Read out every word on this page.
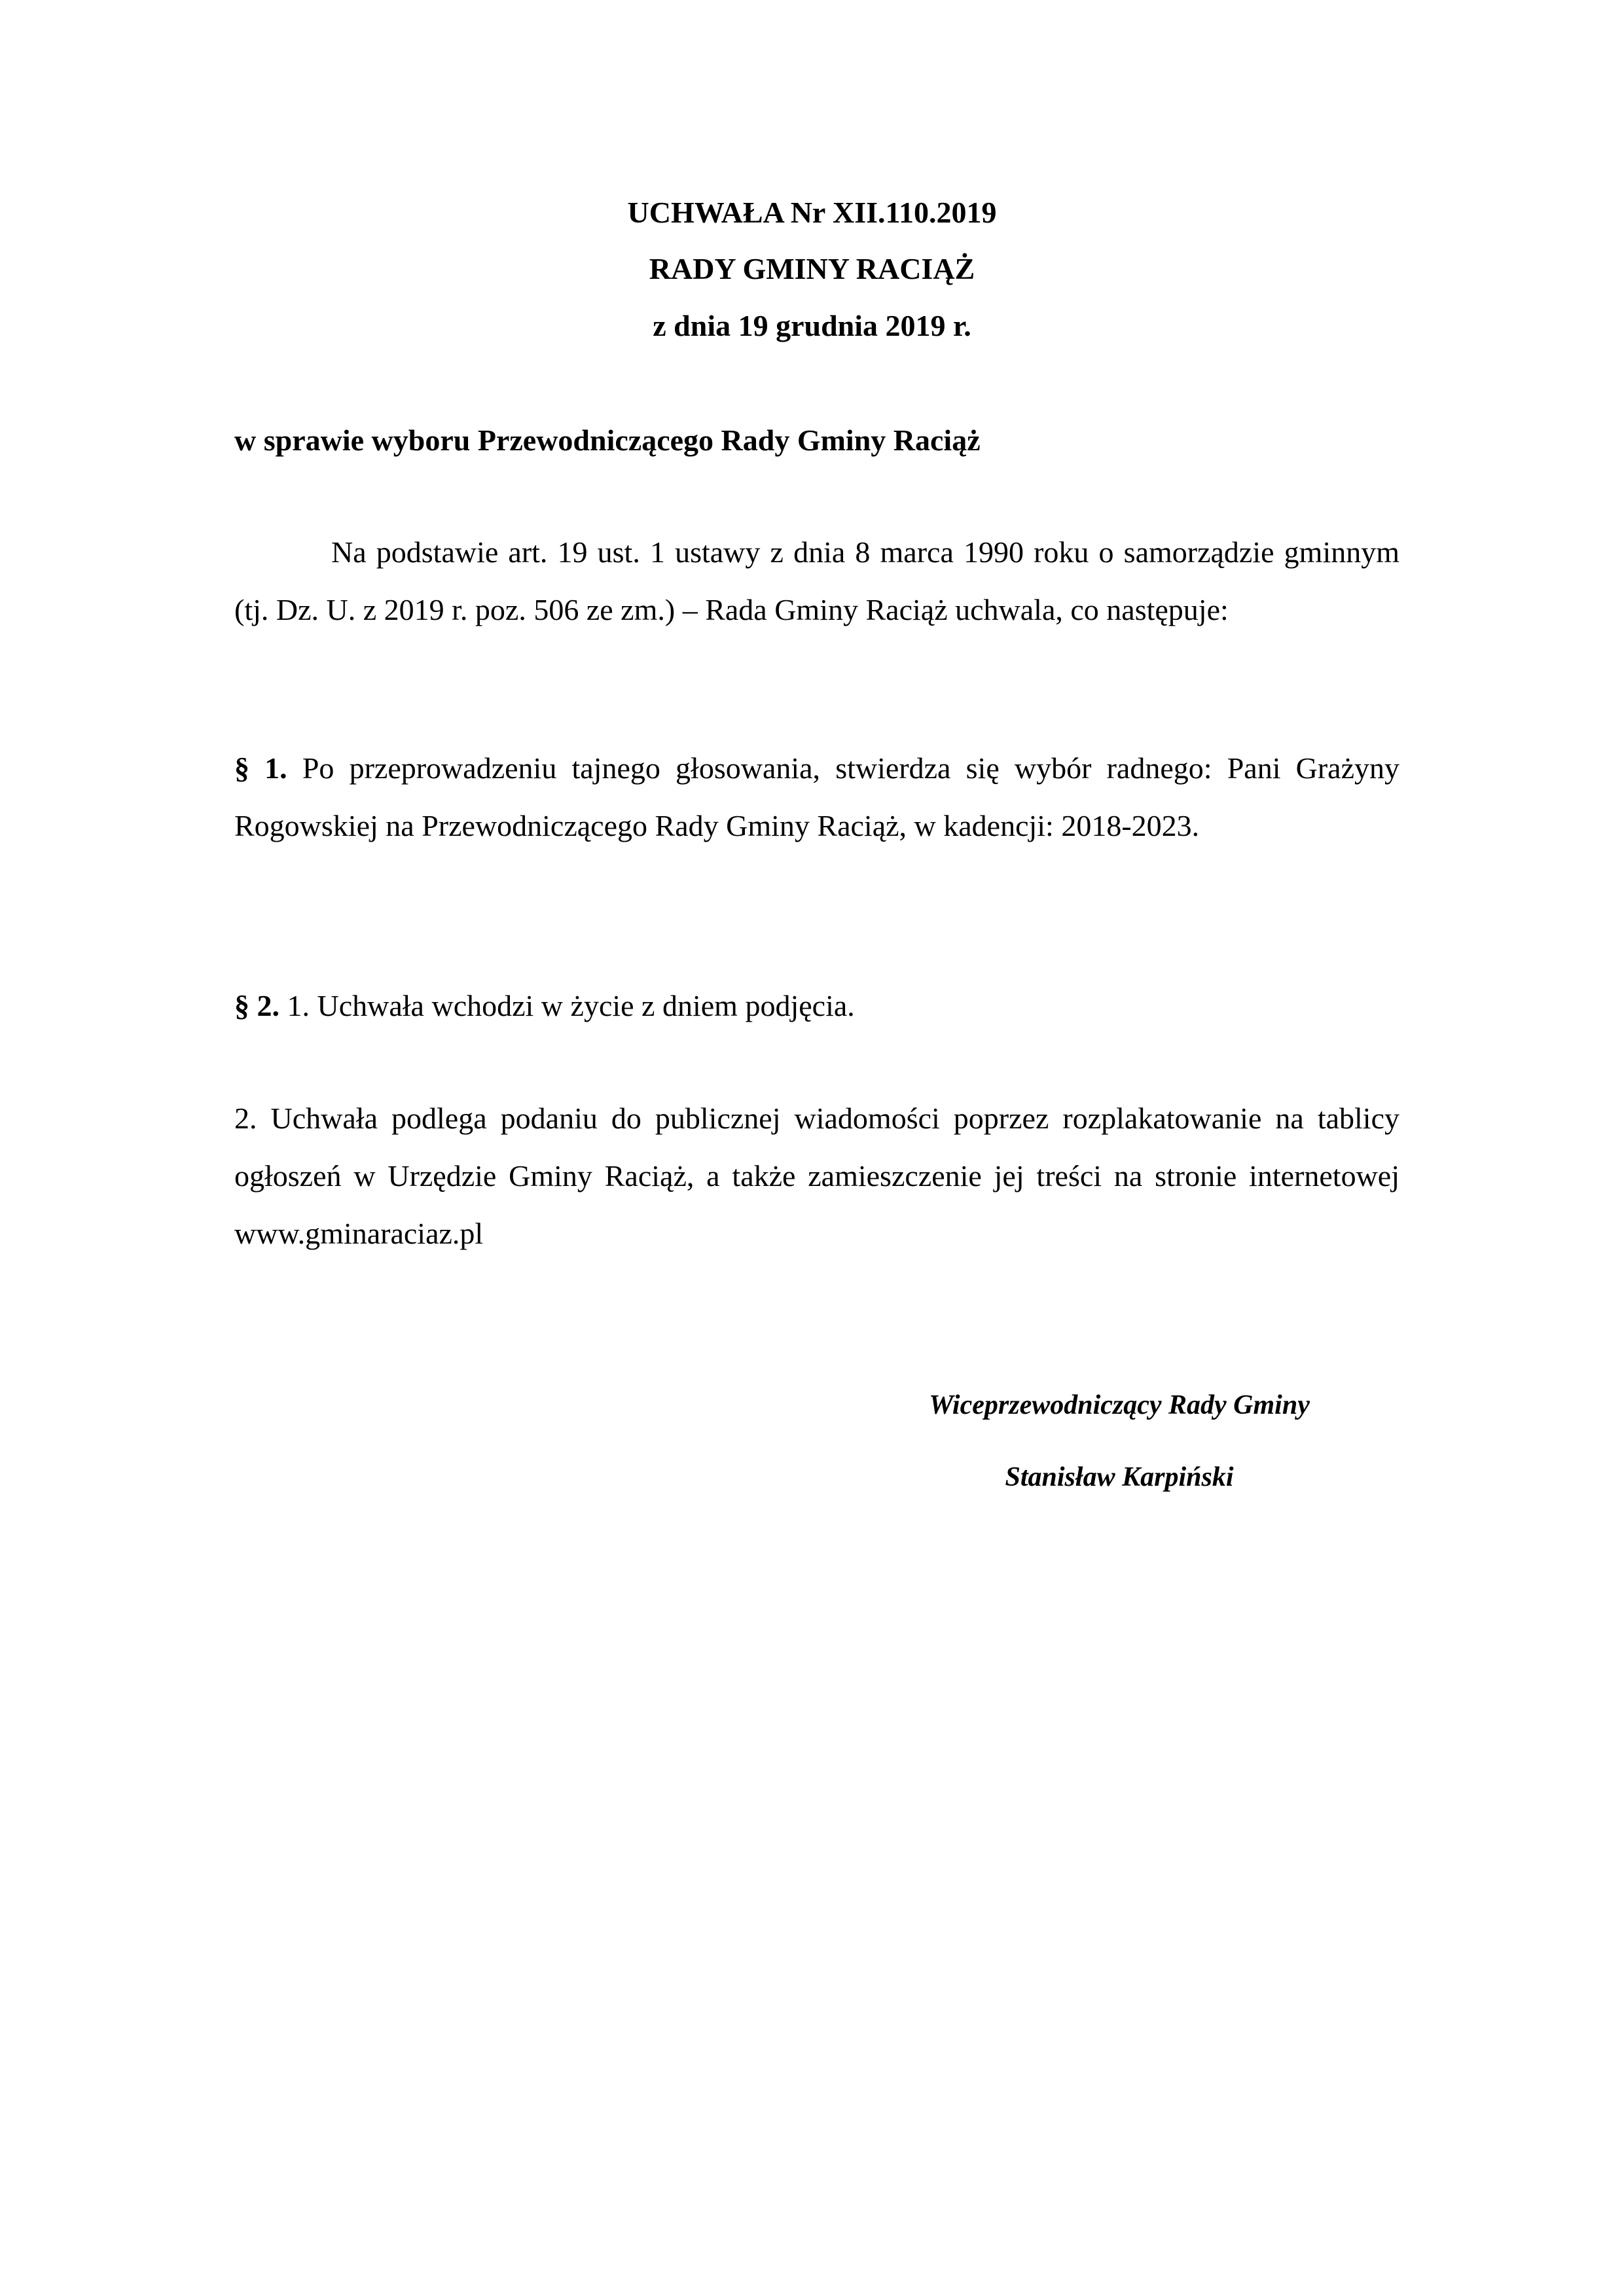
UCHWAŁA Nr XII.110.2019
RADY GMINY RACIĄŻ
z dnia 19 grudnia 2019 r.
w sprawie wyboru Przewodniczącego Rady Gminy Raciąż

Na podstawie art. 19 ust. 1 ustawy z dnia 8 marca 1990 roku o samorządzie gminnym (tj. Dz. U. z 2019 r. poz. 506 ze zm.) – Rada Gminy Raciąż uchwala, co następuje:

§ 1. Po przeprowadzeniu tajnego głosowania, stwierdza się wybór radnego: Pani Grażyny Rogowskiej na Przewodniczącego Rady Gminy Raciąż, w kadencji: 2018-2023.

§ 2. 1. Uchwała wchodzi w życie z dniem podjęcia.

2. Uchwała podlega podaniu do publicznej wiadomości poprzez rozplakatowanie na tablicy ogłoszeń w Urzędzie Gminy Raciąż, a także zamieszczenie jej treści na stronie internetowej www.gminaraciaz.pl

Wiceprzewodniczący Rady Gminy
Stanisław Karpiński
